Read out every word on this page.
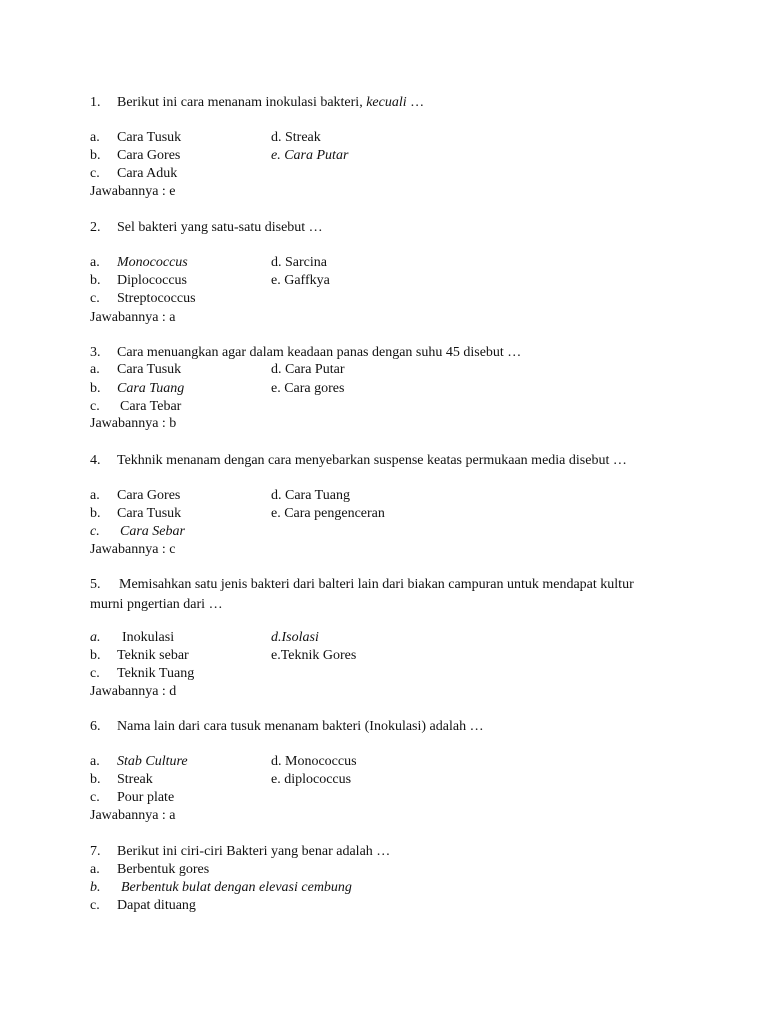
1. Berikut ini cara menanam inokulasi bakteri, kecuali …
a. Cara Tusuk	d. Streak
b. Cara Gores	e. Cara Putar
c. Cara Aduk
Jawabannya : e
2. Sel bakteri yang satu-satu disebut …
a. Monococcus	d. Sarcina
b. Diplococcus	e. Gaffkya
c. Streptococcus
Jawabannya : a
3. Cara menuangkan agar dalam keadaan panas dengan suhu 45 disebut …
a. Cara Tusuk	d. Cara Putar
b. Cara Tuang	e. Cara gores
c. Cara Tebar
Jawabannya : b
4. Tekhnik menanam dengan cara menyebarkan suspense keatas permukaan media disebut …
a. Cara Gores	d. Cara Tuang
b. Cara Tusuk	e. Cara pengenceran
c. Cara Sebar
Jawabannya : c
5. Memisahkan satu jenis bakteri dari balteri lain dari biakan campuran untuk mendapat kultur
murni pngertian dari …
a. Inokulasi	d.Isolasi
b. Teknik sebar	e.Teknik Gores
c. Teknik Tuang
Jawabannya : d
6. Nama lain dari cara tusuk menanam bakteri (Inokulasi) adalah …
a. Stab Culture	d. Monococcus
b. Streak	e. diplococcus
c. Pour plate
Jawabannya : a
7. Berikut ini ciri-ciri Bakteri yang benar adalah …
a. Berbentuk gores
b. Berbentuk bulat dengan elevasi cembung
c. Dapat dituang
